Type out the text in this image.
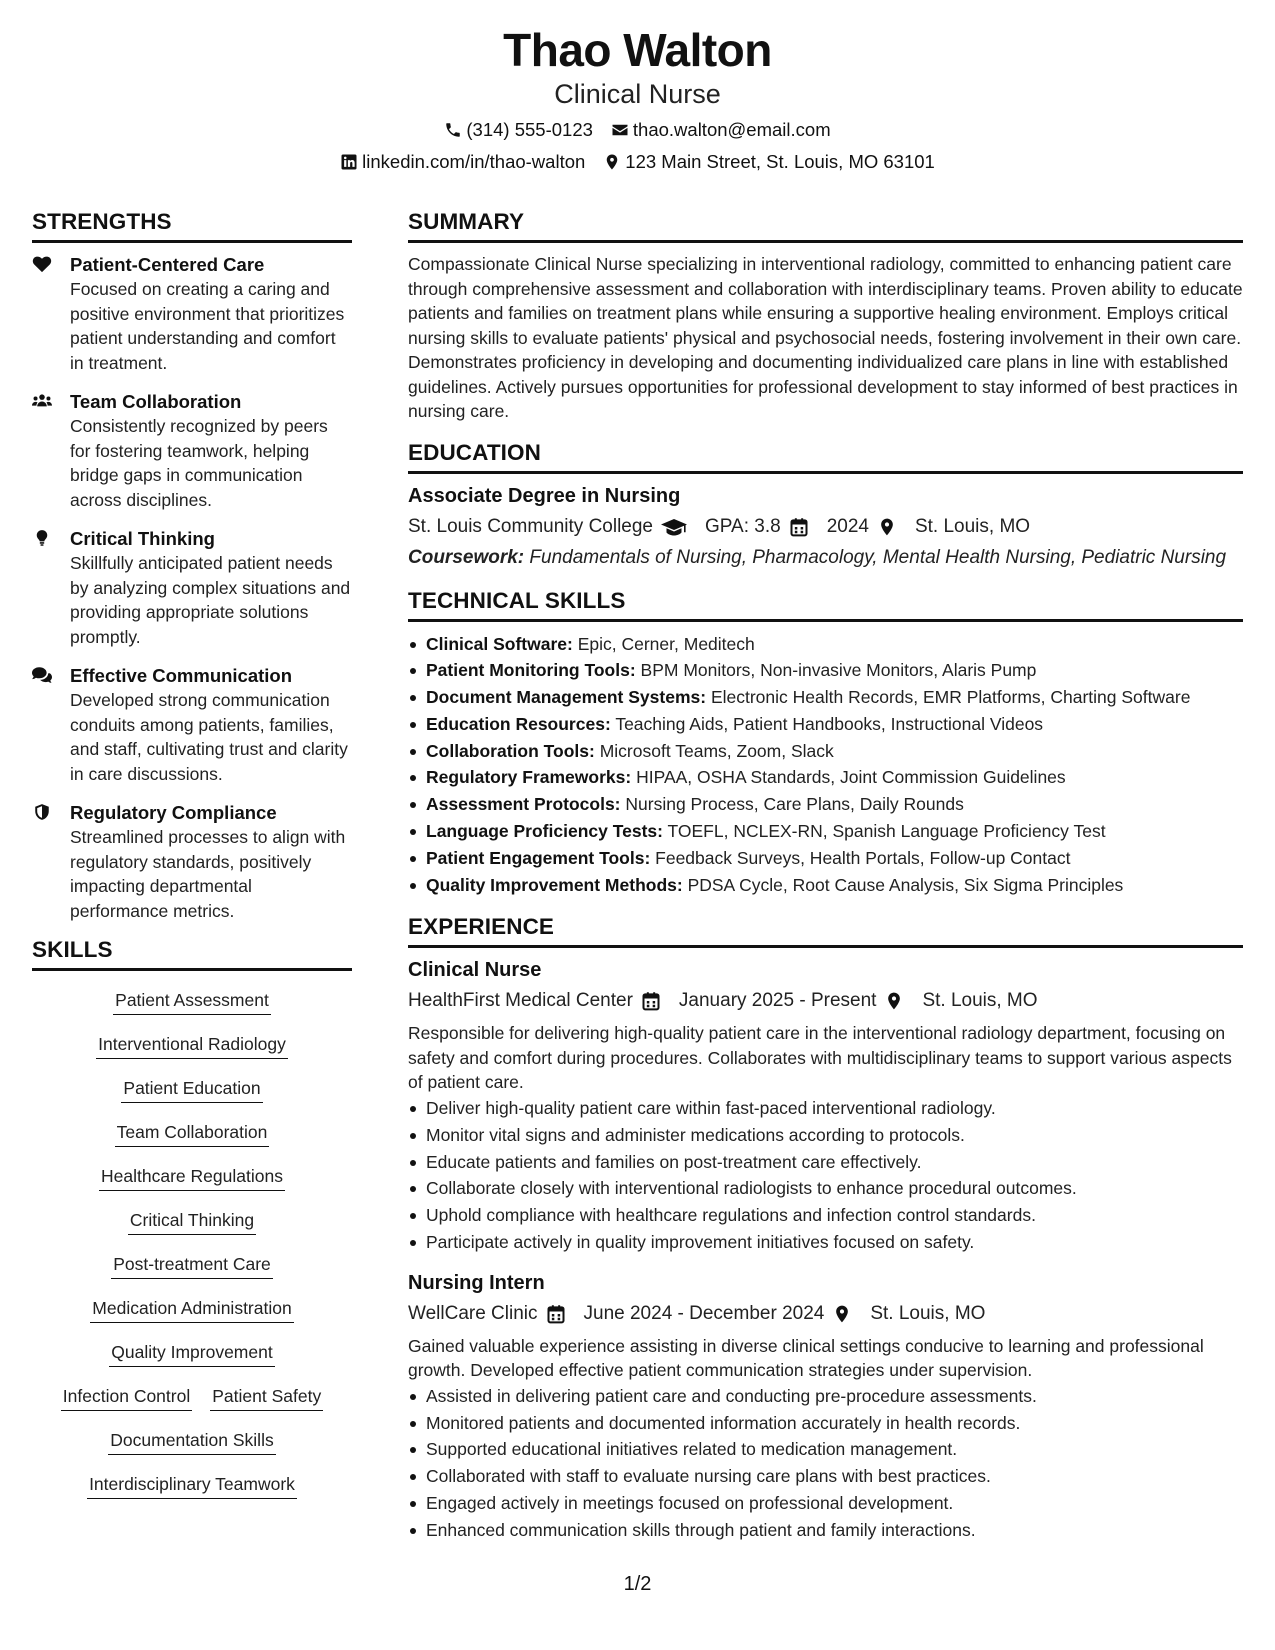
Thao Walton
Clinical Nurse
(314) 555-0123 thao.walton@email.com
linkedin.com/in/thao-walton 123 Main Street, St. Louis, MO 63101
STRENGTHS
Patient-Centered Care
Focused on creating a caring and positive environment that prioritizes patient understanding and comfort in treatment.
Team Collaboration
Consistently recognized by peers for fostering teamwork, helping bridge gaps in communication across disciplines.
Critical Thinking
Skillfully anticipated patient needs by analyzing complex situations and providing appropriate solutions promptly.
Effective Communication
Developed strong communication conduits among patients, families, and staff, cultivating trust and clarity in care discussions.
Regulatory Compliance
Streamlined processes to align with regulatory standards, positively impacting departmental performance metrics.
SKILLS
Patient Assessment
Interventional Radiology
Patient Education
Team Collaboration
Healthcare Regulations
Critical Thinking
Post-treatment Care
Medication Administration
Quality Improvement
Infection Control Patient Safety
Documentation Skills
Interdisciplinary Teamwork
SUMMARY
Compassionate Clinical Nurse specializing in interventional radiology, committed to enhancing patient care through comprehensive assessment and collaboration with interdisciplinary teams. Proven ability to educate patients and families on treatment plans while ensuring a supportive healing environment. Employs critical nursing skills to evaluate patients' physical and psychosocial needs, fostering involvement in their own care. Demonstrates proficiency in developing and documenting individualized care plans in line with established guidelines. Actively pursues opportunities for professional development to stay informed of best practices in nursing care.
EDUCATION
Associate Degree in Nursing
St. Louis Community College	GPA: 3.8 2024 St. Louis, MO
Coursework: Fundamentals of Nursing, Pharmacology, Mental Health Nursing, Pediatric Nursing
TECHNICAL SKILLS
Clinical Software: Epic, Cerner, Meditech
Patient Monitoring Tools: BPM Monitors, Non-invasive Monitors, Alaris Pump
Document Management Systems: Electronic Health Records, EMR Platforms, Charting Software
Education Resources: Teaching Aids, Patient Handbooks, Instructional Videos
Collaboration Tools: Microsoft Teams, Zoom, Slack
Regulatory Frameworks: HIPAA, OSHA Standards, Joint Commission Guidelines
Assessment Protocols: Nursing Process, Care Plans, Daily Rounds
Language Proficiency Tests: TOEFL, NCLEX-RN, Spanish Language Proficiency Test
Patient Engagement Tools: Feedback Surveys, Health Portals, Follow-up Contact
Quality Improvement Methods: PDSA Cycle, Root Cause Analysis, Six Sigma Principles
EXPERIENCE
Clinical Nurse
HealthFirst Medical Center January 2025 - Present St. Louis, MO
Responsible for delivering high-quality patient care in the interventional radiology department, focusing on safety and comfort during procedures. Collaborates with multidisciplinary teams to support various aspects of patient care.
Deliver high-quality patient care within fast-paced interventional radiology.
Monitor vital signs and administer medications according to protocols.
Educate patients and families on post-treatment care effectively.
Collaborate closely with interventional radiologists to enhance procedural outcomes.
Uphold compliance with healthcare regulations and infection control standards.
Participate actively in quality improvement initiatives focused on safety.
Nursing Intern
WellCare Clinic June 2024 - December 2024 St. Louis, MO
Gained valuable experience assisting in diverse clinical settings conducive to learning and professional growth. Developed effective patient communication strategies under supervision.
Assisted in delivering patient care and conducting pre-procedure assessments.
Monitored patients and documented information accurately in health records.
Supported educational initiatives related to medication management.
Collaborated with staff to evaluate nursing care plans with best practices.
Engaged actively in meetings focused on professional development.
Enhanced communication skills through patient and family interactions.
1/2
